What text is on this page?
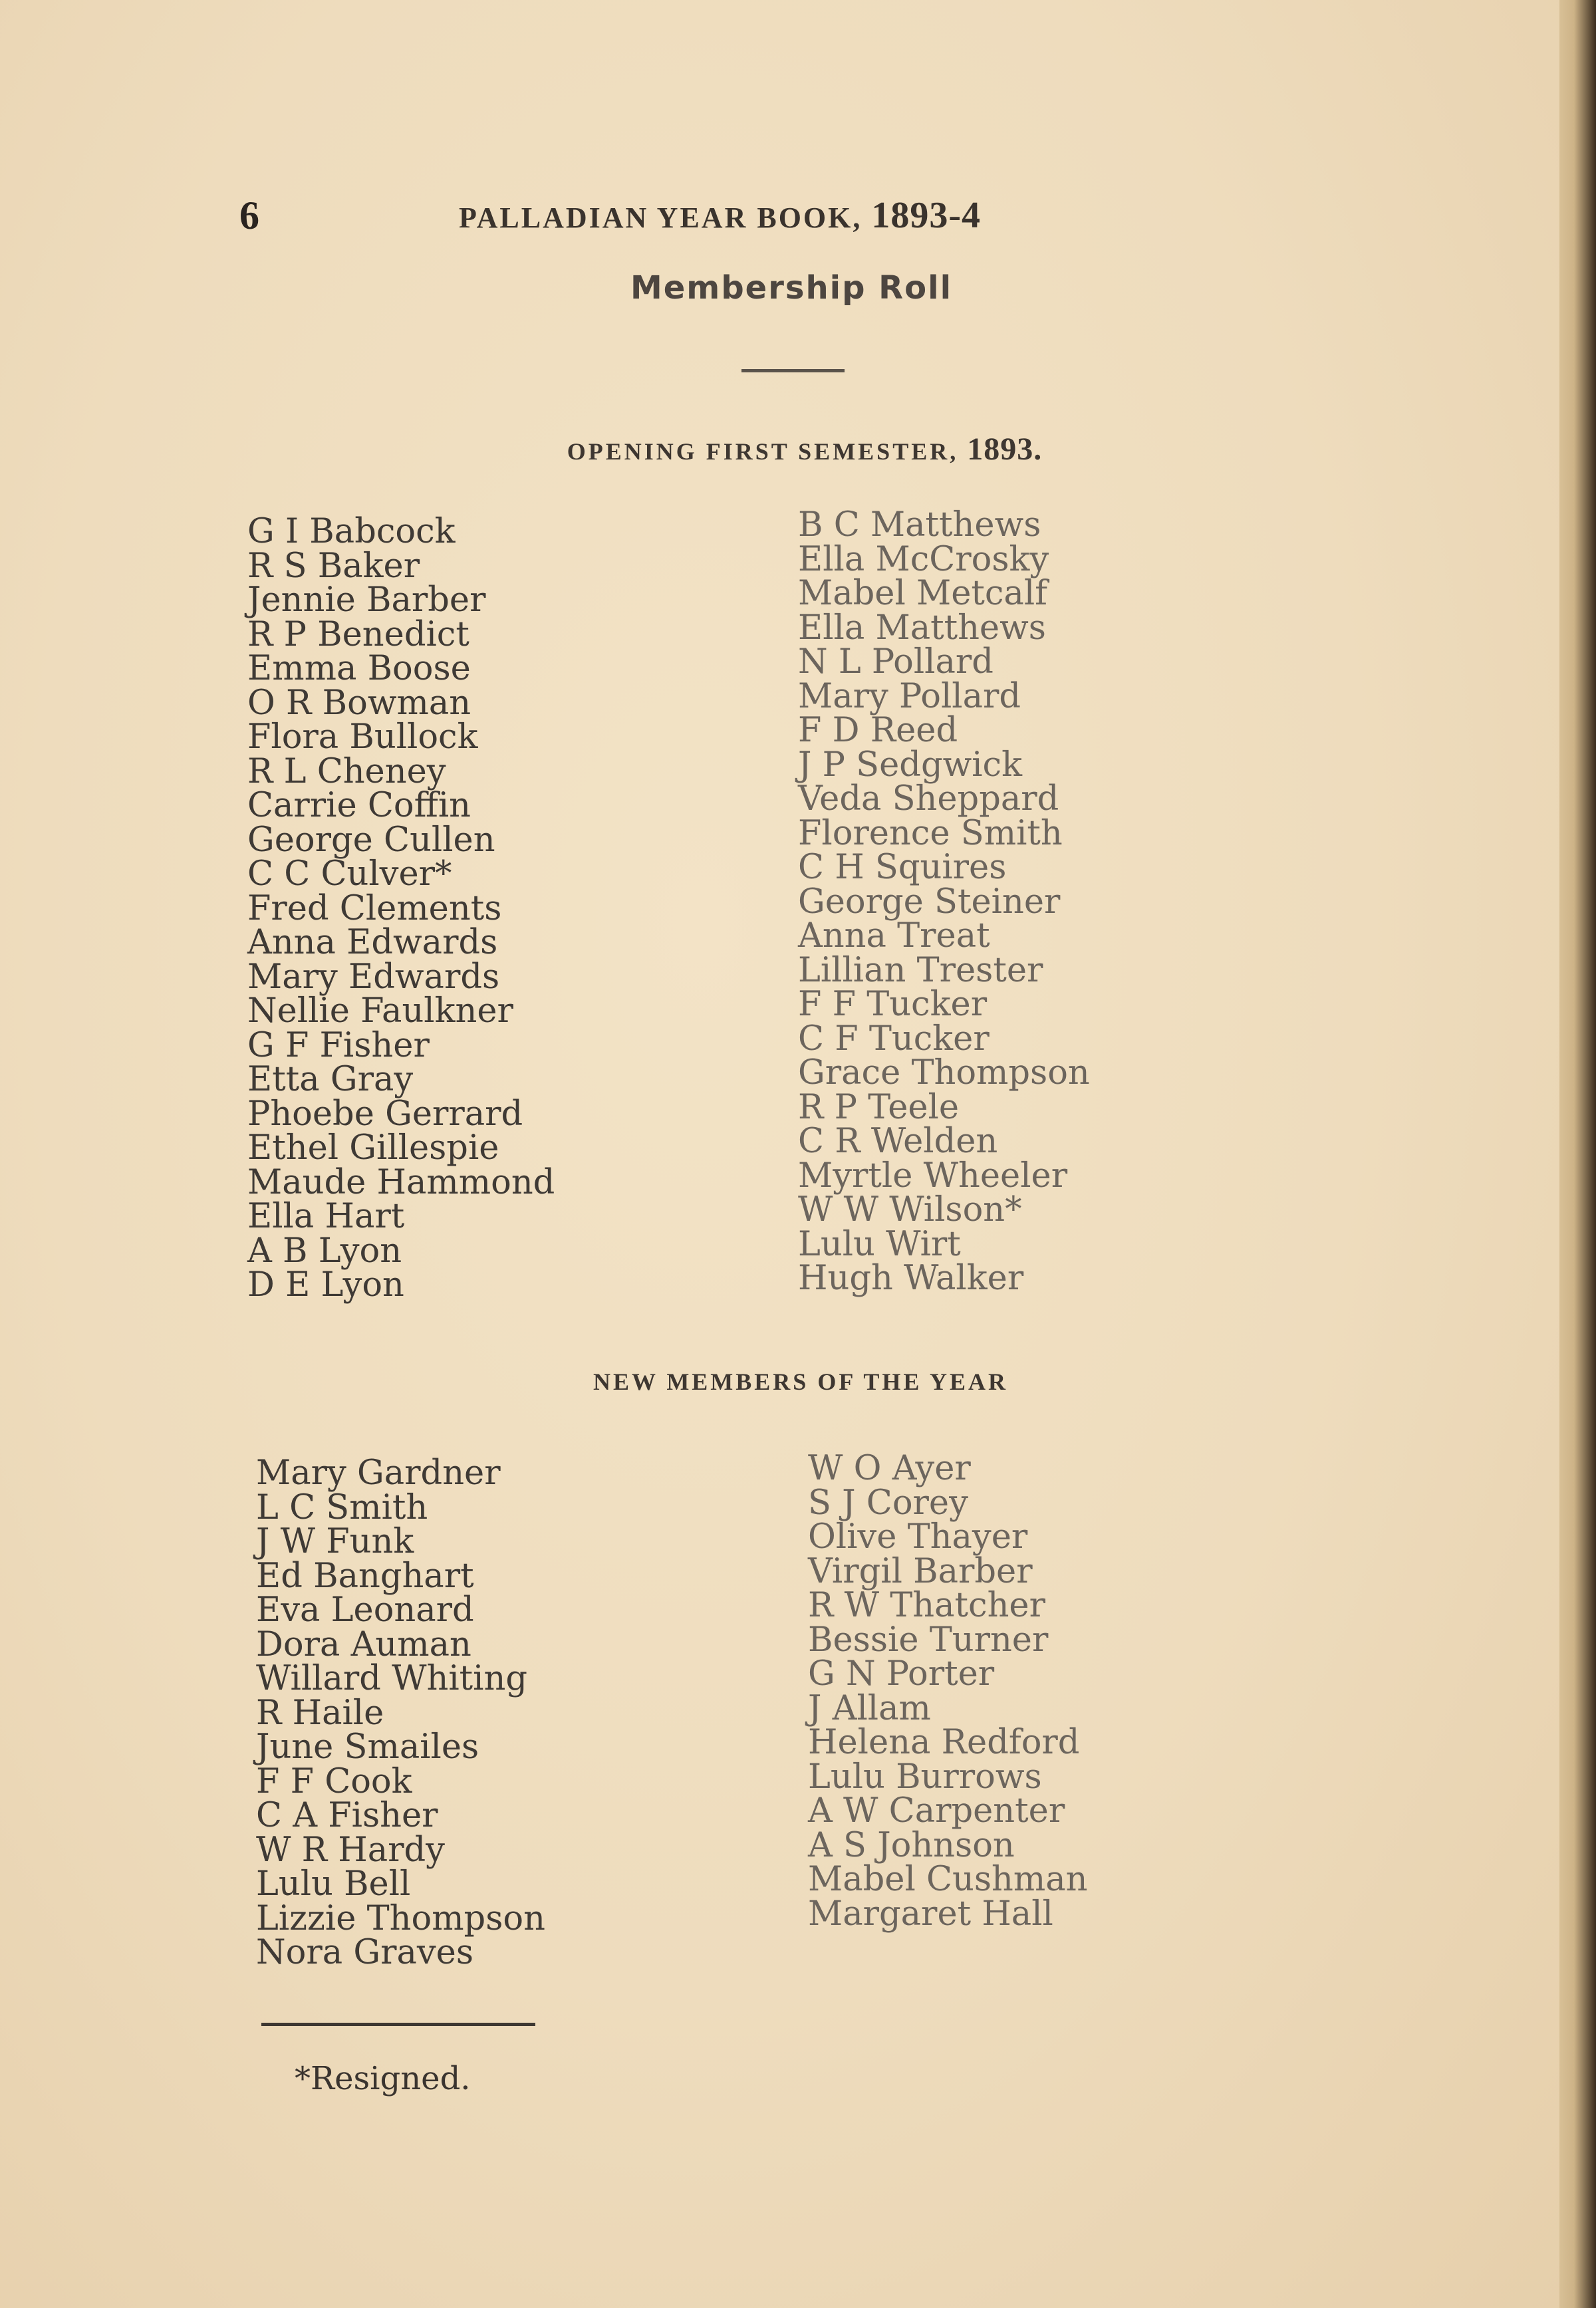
6	PALLADIAN YEAR BOOK, 1893-4
Membership Roll
OPENING FIRST SEMESTER, 1893.
G I Babcock
R S Baker
Jennie Barber
R P Benedict
Emma Boose
O R Bowman
Flora Bullock
R L Cheney
Carrie Coffin
George Cullen
C C Culver*
Fred Clements
Anna Edwards
Mary Edwards
Nellie Faulkner
G F Fisher
Etta Gray
Phoebe Gerrard
Ethel Gillespie
Maude Hammond
Ella Hart
A B Lyon
D E Lyon
B C Matthews
Ella McCrosky
Mabel Metcalf
Ella Matthews
N L Pollard
Mary Pollard
F D Reed
J P Sedgwick
Veda Sheppard
Florence Smith
C H Squires
George Steiner
Anna Treat
Lillian Trester
F F Tucker
C F Tucker
Grace Thompson
R P Teele
C R Welden
Myrtle Wheeler
W W Wilson*
Lulu Wirt
Hugh Walker
NEW MEMBERS OF THE YEAR
Mary Gardner
L C Smith
J W Funk
Ed Banghart
Eva Leonard
Dora Auman
Willard Whiting
R Haile
June Smailes
F F Cook
C A Fisher
W R Hardy
Lulu Bell
Lizzie Thompson
Nora Graves
W O Ayer
S J Corey
Olive Thayer
Virgil Barber
R W Thatcher
Bessie Turner
G N Porter
J Allam
Helena Redford
Lulu Burrows
A W Carpenter
A S Johnson
Mabel Cushman
Margaret Hall
*Resigned.
